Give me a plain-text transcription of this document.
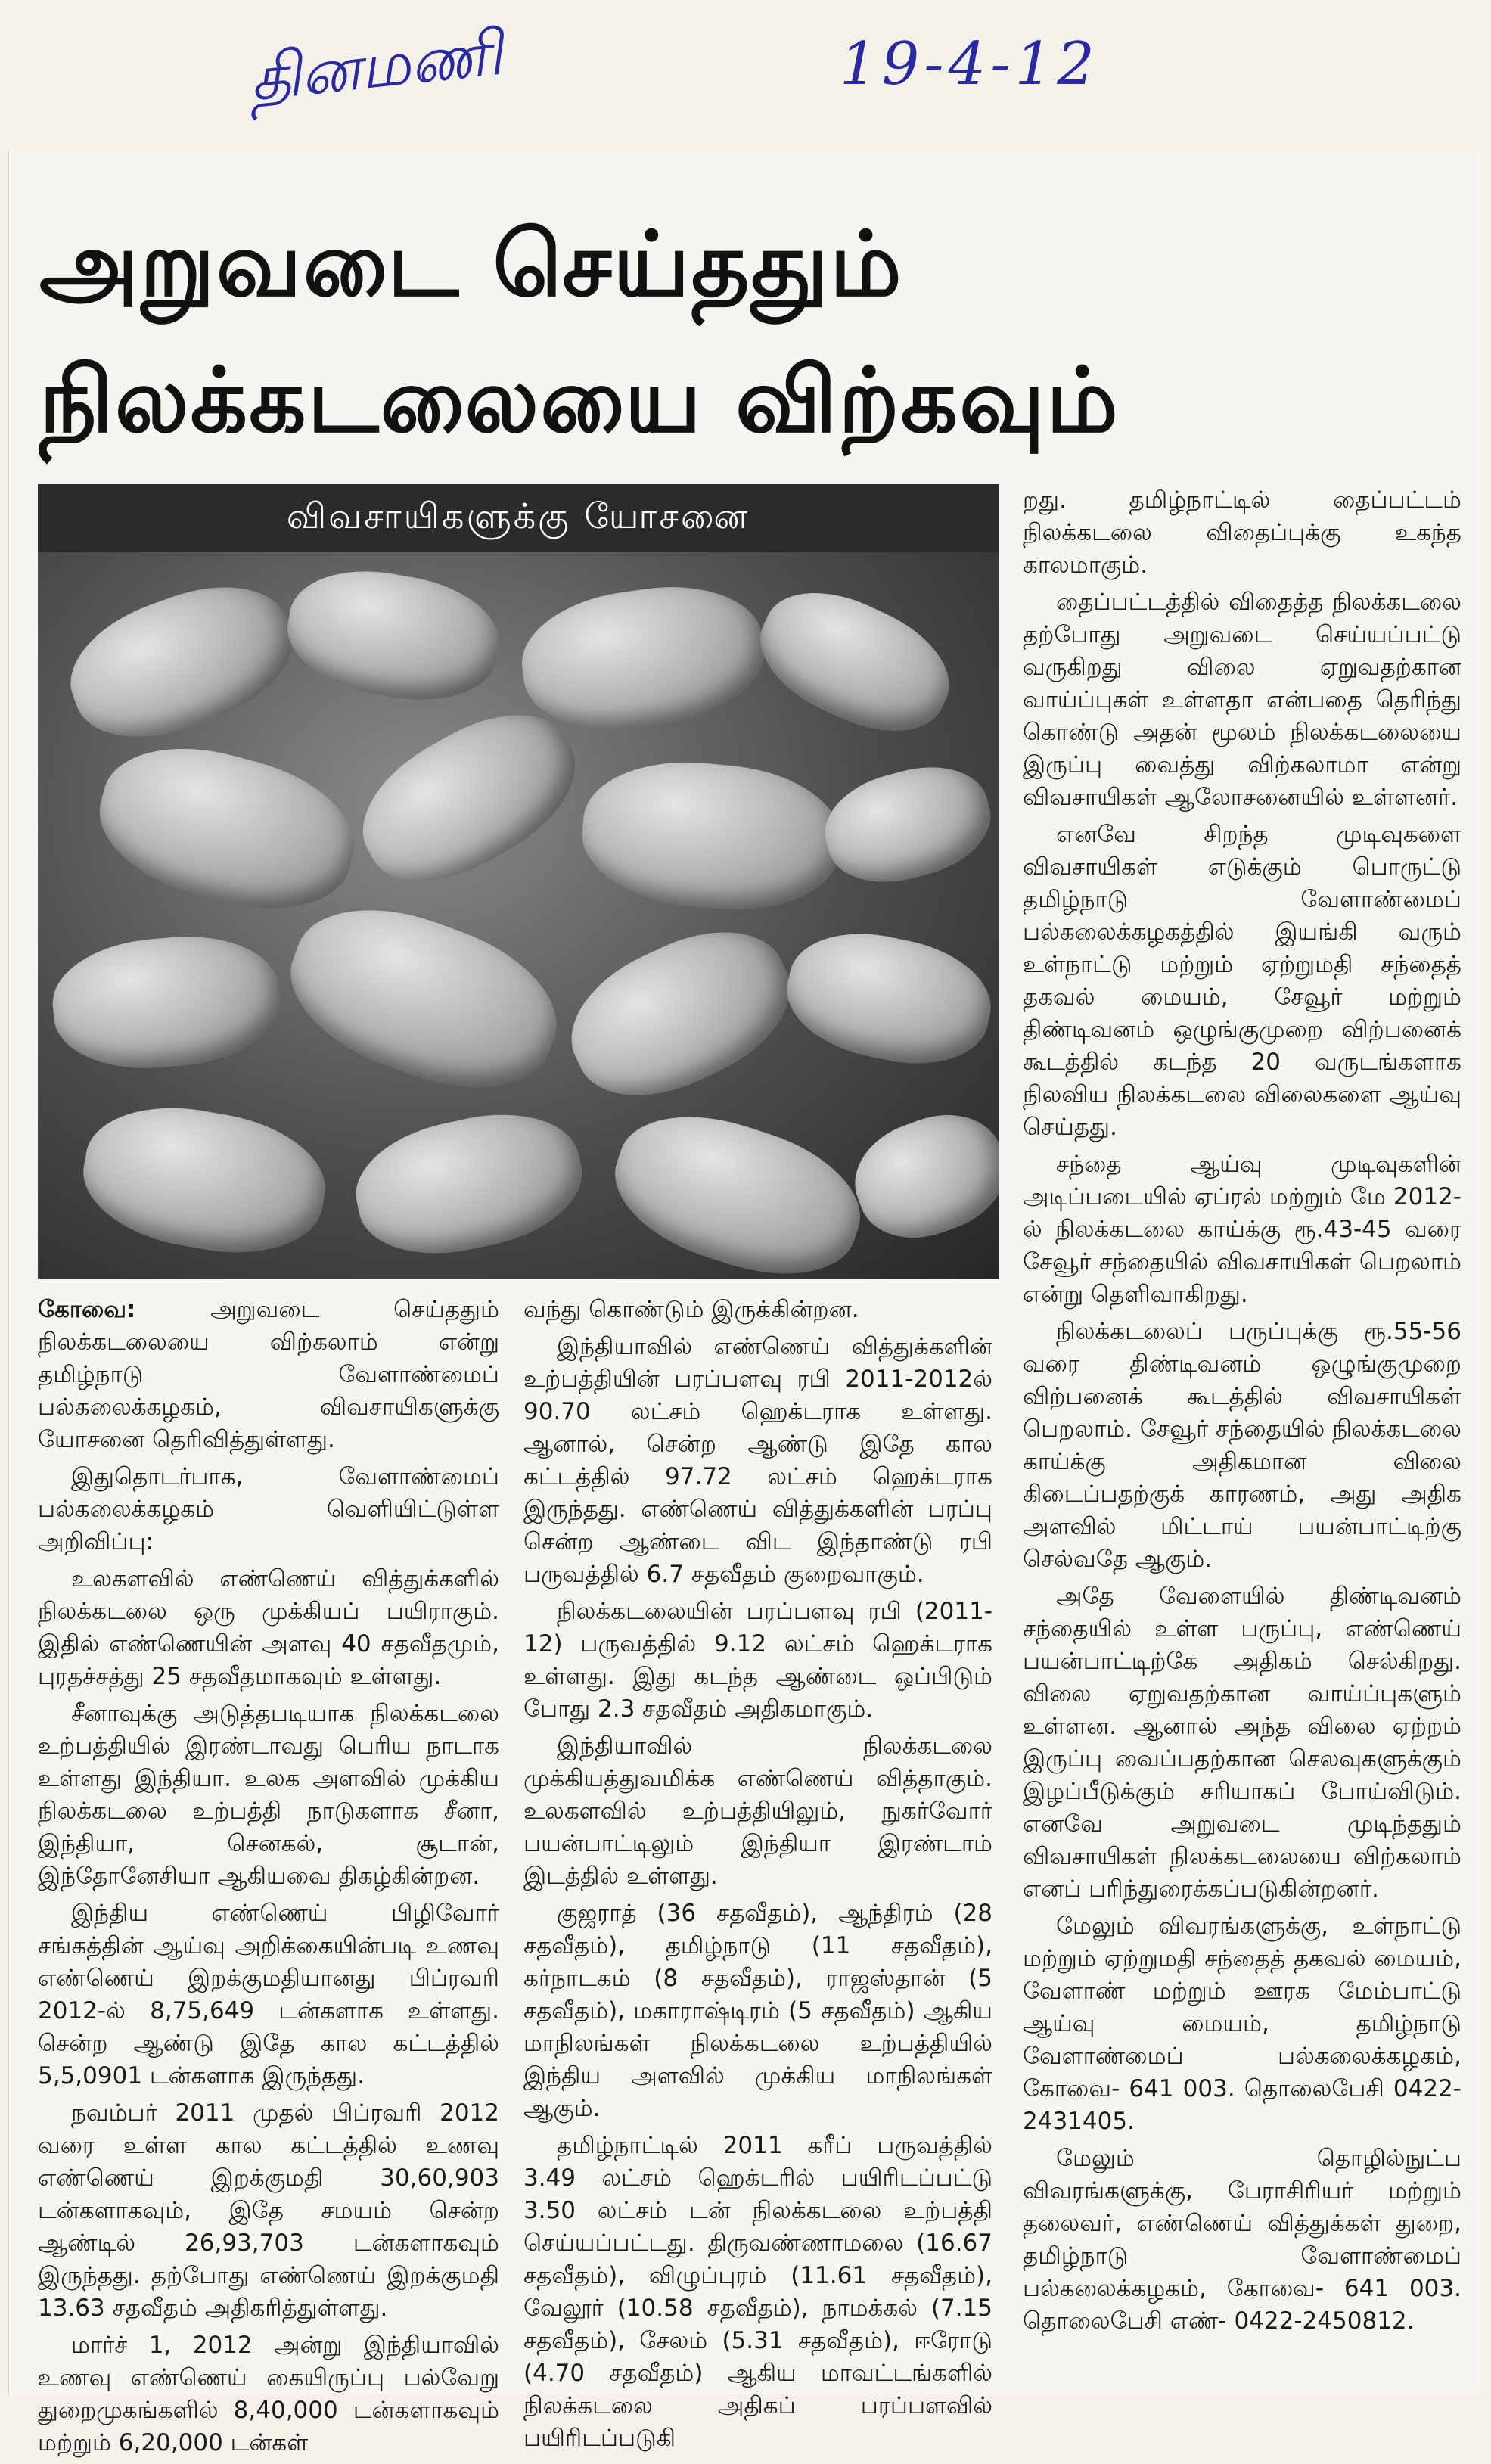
தினமணி	19-4-12
அறுவடை செய்ததும்
நிலக்கடலையை விற்கவும்
விவசாயிகளுக்கு யோசனை

கோவை: அறுவடை செய்ததும் நிலக்கடலையை விற்கலாம் என்று தமிழ்நாடு வேளாண்மைப் பல்கலைக்கழகம், விவசாயிகளுக்கு யோசனை தெரிவித்துள்ளது.

இதுதொடர்பாக, வேளாண்மைப் பல்கலைக்கழகம் வெளியிட்டுள்ள அறிவிப்பு:

உலகளவில் எண்ணெய் வித்துக்களில் நிலக்கடலை ஒரு முக்கியப் பயிராகும். இதில் எண்ணெயின் அளவு 40 சதவீதமும், புரதச்சத்து 25 சதவீதமாகவும் உள்ளது.

சீனாவுக்கு அடுத்தபடியாக நிலக்கடலை உற்பத்தியில் இரண்டாவது பெரிய நாடாக உள்ளது இந்தியா. உலக அளவில் முக்கிய நிலக்கடலை உற்பத்தி நாடுகளாக சீனா, இந்தியா, செனகல், சூடான், இந்தோனேசியா ஆகியவை திகழ்கின்றன.

இந்திய எண்ணெய் பிழிவோர் சங்கத்தின் ஆய்வு அறிக்கையின்படி உணவு எண்ணெய் இறக்குமதியானது பிப்ரவரி 2012-ல் 8,75,649 டன்களாக உள்ளது. சென்ற ஆண்டு இதே கால கட்டத்தில் 5,5,0901 டன்களாக இருந்தது.

நவம்பர் 2011 முதல் பிப்ரவரி 2012 வரை உள்ள கால கட்டத்தில் உணவு எண்ணெய் இறக்குமதி 30,60,903 டன்களாகவும், இதே சமயம் சென்ற ஆண்டில் 26,93,703 டன்களாகவும் இருந்தது. தற்போது எண்ணெய் இறக்குமதி 13.63 சதவீதம் அதிகரித்துள்ளது.

மார்ச் 1, 2012 அன்று இந்தியாவில் உணவு எண்ணெய் கையிருப்பு பல்வேறு துறைமுகங்களில் 8,40,000 டன்களாகவும் மற்றும் 6,20,000 டன்கள்

வந்து கொண்டும் இருக்கின்றன.

இந்தியாவில் எண்ணெய் வித்துக்களின் உற்பத்தியின் பரப்பளவு ரபி 2011-2012ல் 90.70 லட்சம் ஹெக்டராக உள்ளது. ஆனால், சென்ற ஆண்டு இதே கால கட்டத்தில் 97.72 லட்சம் ஹெக்டராக இருந்தது. எண்ணெய் வித்துக்களின் பரப்பு சென்ற ஆண்டை விட இந்தாண்டு ரபி பருவத்தில் 6.7 சதவீதம் குறைவாகும்.

நிலக்கடலையின் பரப்பளவு ரபி (2011-12) பருவத்தில் 9.12 லட்சம் ஹெக்டராக உள்ளது. இது கடந்த ஆண்டை ஒப்பிடும் போது 2.3 சதவீதம் அதிகமாகும்.

இந்தியாவில் நிலக்கடலை முக்கியத்துவமிக்க எண்ணெய் வித்தாகும். உலகளவில் உற்பத்தியிலும், நுகர்வோர் பயன்பாட்டிலும் இந்தியா இரண்டாம் இடத்தில் உள்ளது.

குஜராத் (36 சதவீதம்), ஆந்திரம் (28 சதவீதம்), தமிழ்நாடு (11 சதவீதம்), கர்நாடகம் (8 சதவீதம்), ராஜஸ்தான் (5 சதவீதம்), மகாராஷ்டிரம் (5 சதவீதம்) ஆகிய மாநிலங்கள் நிலக்கடலை உற்பத்தியில் இந்திய அளவில் முக்கிய மாநிலங்கள் ஆகும்.

தமிழ்நாட்டில் 2011 கரீப் பருவத்தில் 3.49 லட்சம் ஹெக்டரில் பயிரிடப்பட்டு 3.50 லட்சம் டன் நிலக்கடலை உற்பத்தி செய்யப்பட்டது. திருவண்ணாமலை (16.67 சதவீதம்), விழுப்புரம் (11.61 சதவீதம்), வேலூர் (10.58 சதவீதம்), நாமக்கல் (7.15 சதவீதம்), சேலம் (5.31 சதவீதம்), ஈரோடு (4.70 சதவீதம்) ஆகிய மாவட்டங்களில் நிலக்கடலை அதிகப் பரப்பளவில் பயிரிடப்படுகி

றது. தமிழ்நாட்டில் தைப்பட்டம் நிலக்கடலை விதைப்புக்கு உகந்த காலமாகும்.

தைப்பட்டத்தில் விதைத்த நிலக்கடலை தற்போது அறுவடை செய்யப்பட்டு வருகிறது விலை ஏறுவதற்கான வாய்ப்புகள் உள்ளதா என்பதை தெரிந்து கொண்டு அதன் மூலம் நிலக்கடலையை இருப்பு வைத்து விற்கலாமா என்று விவசாயிகள் ஆலோசனையில் உள்ளனர்.

எனவே சிறந்த முடிவுகளை விவசாயிகள் எடுக்கும் பொருட்டு தமிழ்நாடு வேளாண்மைப் பல்கலைக்கழகத்தில் இயங்கி வரும் உள்நாட்டு மற்றும் ஏற்றுமதி சந்தைத் தகவல் மையம், சேவூர் மற்றும் திண்டிவனம் ஒழுங்குமுறை விற்பனைக் கூடத்தில் கடந்த 20 வருடங்களாக நிலவிய நிலக்கடலை விலைகளை ஆய்வு செய்தது.

சந்தை ஆய்வு முடிவுகளின் அடிப்படையில் ஏப்ரல் மற்றும் மே 2012-ல் நிலக்கடலை காய்க்கு ரூ.43-45 வரை சேவூர் சந்தையில் விவசாயிகள் பெறலாம் என்று தெளிவாகிறது.

நிலக்கடலைப் பருப்புக்கு ரூ.55-56 வரை திண்டிவனம் ஒழுங்குமுறை விற்பனைக் கூடத்தில் விவசாயிகள் பெறலாம். சேவூர் சந்தையில் நிலக்கடலை காய்க்கு அதிகமான விலை கிடைப்பதற்குக் காரணம், அது அதிக அளவில் மிட்டாய் பயன்பாட்டிற்கு செல்வதே ஆகும்.

அதே வேளையில் திண்டிவனம் சந்தையில் உள்ள பருப்பு, எண்ணெய் பயன்பாட்டிற்கே அதிகம் செல்கிறது. விலை ஏறுவதற்கான வாய்ப்புகளும் உள்ளன. ஆனால் அந்த விலை ஏற்றம் இருப்பு வைப்பதற்கான செலவுகளுக்கும் இழப்பீடுக்கும் சரியாகப் போய்விடும். எனவே அறுவடை முடிந்ததும் விவசாயிகள் நிலக்கடலையை விற்கலாம் எனப் பரிந்துரைக்கப்படுகின்றனர்.

மேலும் விவரங்களுக்கு, உள்நாட்டு மற்றும் ஏற்றுமதி சந்தைத் தகவல் மையம், வேளாண் மற்றும் ஊரக மேம்பாட்டு ஆய்வு மையம், தமிழ்நாடு வேளாண்மைப் பல்கலைக்கழகம், கோவை- 641 003. தொலைபேசி 0422-2431405.

மேலும் தொழில்நுட்ப விவரங்களுக்கு, பேராசிரியர் மற்றும் தலைவர், எண்ணெய் வித்துக்கள் துறை, தமிழ்நாடு வேளாண்மைப் பல்கலைக்கழகம், கோவை- 641 003. தொலைபேசி எண்- 0422-2450812.
